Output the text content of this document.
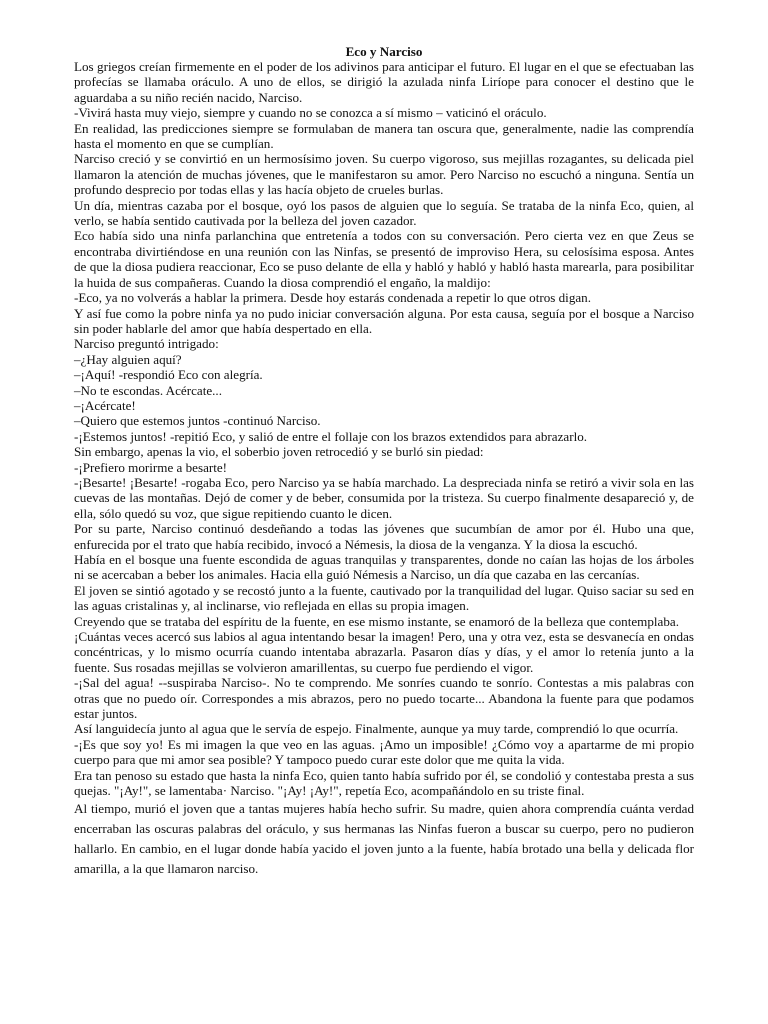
Eco y Narciso

Los griegos creían firmemente en el poder de los adivinos para anticipar el futuro. El lugar en el que se efectuaban las profecías se llamaba oráculo. A uno de ellos, se dirigió la azulada ninfa Liríope para conocer el destino que le aguardaba a su niño recién nacido, Narciso.

-Vivirá hasta muy viejo, siempre y cuando no se conozca a sí mismo – vaticinó el oráculo.

En realidad, las predicciones siempre se formulaban de manera tan oscura que, generalmente, nadie las comprendía hasta el momento en que se cumplían.

Narciso creció y se convirtió en un hermosísimo joven. Su cuerpo vigoroso, sus mejillas rozagantes, su delicada piel llamaron la atención de muchas jóvenes, que le manifestaron su amor. Pero Narciso no escuchó a ninguna. Sentía un profundo desprecio por todas ellas y las hacía objeto de crueles burlas.

Un día, mientras cazaba por el bosque, oyó los pasos de alguien que lo seguía. Se trataba de la ninfa Eco, quien, al verlo, se había sentido cautivada por la belleza del joven cazador.

Eco había sido una ninfa parlanchina que entretenía a todos con su conversación. Pero cierta vez en que Zeus se encontraba divirtiéndose en una reunión con las Ninfas, se presentó de improviso Hera, su celosísima esposa. Antes de que la diosa pudiera reaccionar, Eco se puso delante de ella y habló y habló y habló hasta marearla, para posibilitar la huida de sus compañeras. Cuando la diosa comprendió el engaño, la maldijo:

-Eco, ya no volverás a hablar la primera. Desde hoy estarás condenada a repetir lo que otros digan.

Y así fue como la pobre ninfa ya no pudo iniciar conversación alguna. Por esta causa, seguía por el bosque a Narciso sin poder hablarle del amor que había despertado en ella.

Narciso preguntó intrigado:

–¿Hay alguien aquí?

–¡Aquí! -respondió Eco con alegría.

–No te escondas. Acércate...

–¡Acércate!

–Quiero que estemos juntos -continuó Narciso.

-¡Estemos juntos! -repitió Eco, y salió de entre el follaje con los brazos extendidos para abrazarlo.

Sin embargo, apenas la vio, el soberbio joven retrocedió y se burló sin piedad:

-¡Prefiero morirme a besarte!

-¡Besarte! ¡Besarte! -rogaba Eco, pero Narciso ya se había marchado. La despreciada ninfa se retiró a vivir sola en las cuevas de las montañas. Dejó de comer y de beber, consumida por la tristeza. Su cuerpo finalmente desapareció y, de ella, sólo quedó su voz, que sigue repitiendo cuanto le dicen.

Por su parte, Narciso continuó desdeñando a todas las jóvenes que sucumbían de amor por él. Hubo una que, enfurecida por el trato que había recibido, invocó a Némesis, la diosa de la venganza. Y la diosa la escuchó.

Había en el bosque una fuente escondida de aguas tranquilas y transparentes, donde no caían las hojas de los árboles ni se acercaban a beber los animales. Hacia ella guió Némesis a Narciso, un día que cazaba en las cercanías.

El joven se sintió agotado y se recostó junto a la fuente, cautivado por la tranquilidad del lugar. Quiso saciar su sed en las aguas cristalinas y, al inclinarse, vio reflejada en ellas su propia imagen.

Creyendo que se trataba del espíritu de la fuente, en ese mismo instante, se enamoró de la belleza que contemplaba.

¡Cuántas veces acercó sus labios al agua intentando besar la imagen! Pero, una y otra vez, esta se desvanecía en ondas concéntricas, y lo mismo ocurría cuando intentaba abrazarla. Pasaron días y días, y el amor lo retenía junto a la fuente. Sus rosadas mejillas se volvieron amarillentas, su cuerpo fue perdiendo el vigor.

-¡Sal del agua! --suspiraba Narciso-. No te comprendo. Me sonríes cuando te sonrío. Contestas a mis palabras con otras que no puedo oír. Correspondes a mis abrazos, pero no puedo tocarte... Abandona la fuente para que podamos estar juntos.

Así languidecía junto al agua que le servía de espejo. Finalmente, aunque ya muy tarde, comprendió lo que ocurría.

-¡Es que soy yo! Es mi imagen la que veo en las aguas. ¡Amo un imposible! ¿Cómo voy a apartarme de mi propio cuerpo para que mi amor sea posible? Y tampoco puedo curar este dolor que me quita la vida.

Era tan penoso su estado que hasta la ninfa Eco, quien tanto había sufrido por él, se condolió y contestaba presta a sus quejas. "¡Ay!", se lamentaba· Narciso. "¡Ay! ¡Ay!", repetía Eco, acompañándolo en su triste final.

Al tiempo, murió el joven que a tantas mujeres había hecho sufrir. Su madre, quien ahora comprendía cuánta verdad encerraban las oscuras palabras del oráculo, y sus hermanas las Ninfas fueron a buscar su cuerpo, pero no pudieron hallarlo. En cambio, en el lugar donde había yacido el joven junto a la fuente, había brotado una bella y delicada flor amarilla, a la que llamaron narciso.
